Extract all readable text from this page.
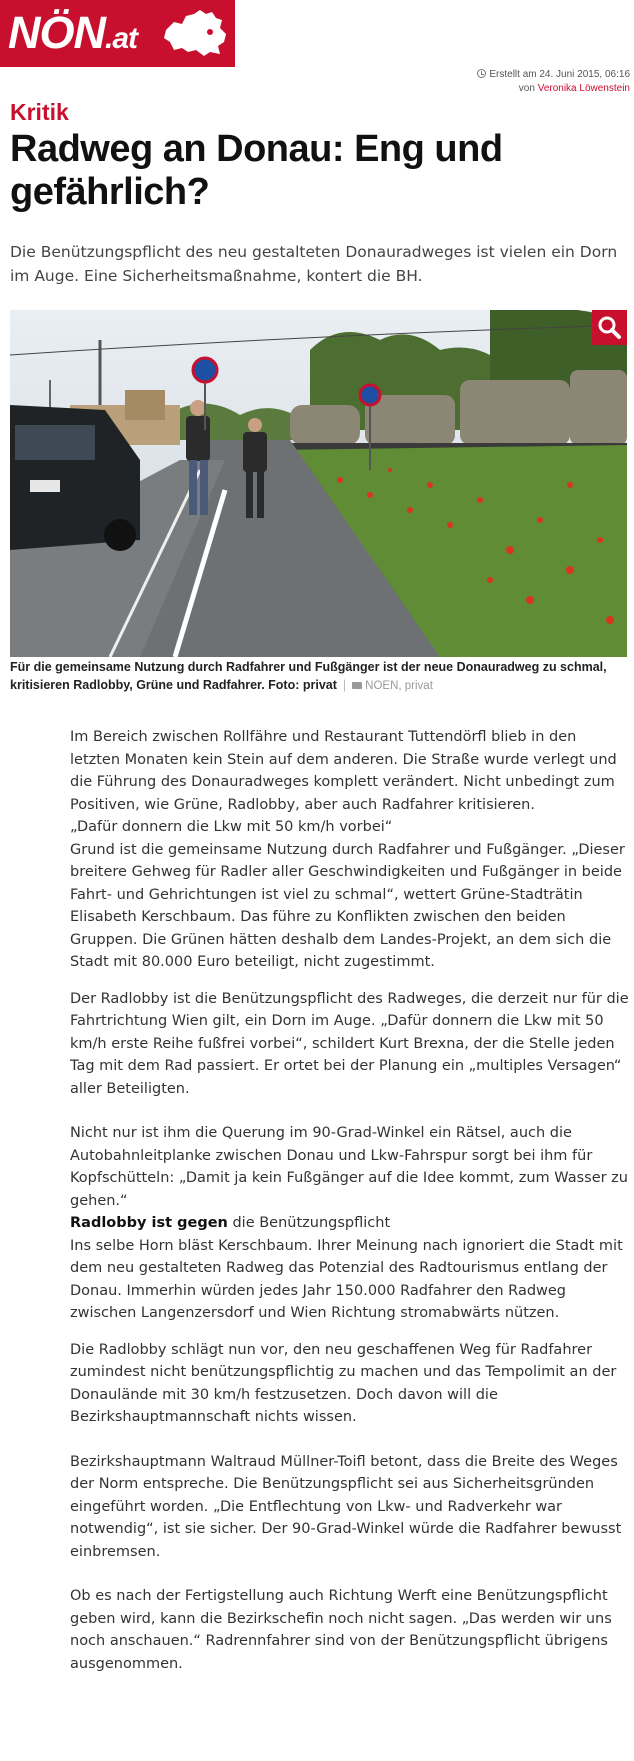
NÖN.at
Erstellt am 24. Juni 2015, 06:16
von Veronika Löwenstein
Kritik
Radweg an Donau: Eng und gefährlich?

Die Benützungspflicht des neu gestalteten Donauradweges ist vielen ein Dorn im Auge. Eine Sicherheitsmaßnahme, kontert die BH.

Für die gemeinsame Nutzung durch Radfahrer und Fußgänger ist der neue Donauradweg zu schmal, kritisieren Radlobby, Grüne und Radfahrer. Foto: privat | NOEN, privat

Im Bereich zwischen Rollfähre und Restaurant Tuttendörfl blieb in den letzten Monaten kein Stein auf dem anderen. Die Straße wurde verlegt und die Führung des Donauradweges komplett verändert. Nicht unbedingt zum Positiven, wie Grüne, Radlobby, aber auch Radfahrer kritisieren.
„Dafür donnern die Lkw mit 50 km/h vorbei“
Grund ist die gemeinsame Nutzung durch Radfahrer und Fußgänger. „Dieser breitere Gehweg für Radler aller Geschwindigkeiten und Fußgänger in beide Fahrt- und Gehrichtungen ist viel zu schmal“, wettert Grüne-Stadträtin Elisabeth Kerschbaum. Das führe zu Konflikten zwischen den beiden Gruppen. Die Grünen hätten deshalb dem Landes-Projekt, an dem sich die Stadt mit 80.000 Euro beteiligt, nicht zugestimmt.

Der Radlobby ist die Benützungspflicht des Radweges, die derzeit nur für die Fahrtrichtung Wien gilt, ein Dorn im Auge. „Dafür donnern die Lkw mit 50 km/h erste Reihe fußfrei vorbei“, schildert Kurt Brexna, der die Stelle jeden Tag mit dem Rad passiert. Er ortet bei der Planung ein „multiples Versagen“ aller Beteiligten.

Nicht nur ist ihm die Querung im 90-Grad-Winkel ein Rätsel, auch die Autobahnleitplanke zwischen Donau und Lkw-Fahrspur sorgt bei ihm für Kopfschütteln: „Damit ja kein Fußgänger auf die Idee kommt, zum Wasser zu gehen.“
Radlobby ist gegen die Benützungspflicht
Ins selbe Horn bläst Kerschbaum. Ihrer Meinung nach ignoriert die Stadt mit dem neu gestalteten Radweg das Potenzial des Radtourismus entlang der Donau. Immerhin würden jedes Jahr 150.000 Radfahrer den Radweg zwischen Langenzersdorf und Wien Richtung stromabwärts nützen.

Die Radlobby schlägt nun vor, den neu geschaffenen Weg für Radfahrer zumindest nicht benützungspflichtig zu machen und das Tempolimit an der Donaulände mit 30 km/h festzusetzen. Doch davon will die Bezirkshauptmannschaft nichts wissen.

Bezirkshauptmann Waltraud Müllner-Toifl betont, dass die Breite des Weges der Norm entspreche. Die Benützungspflicht sei aus Sicherheitsgründen eingeführt worden. „Die Entflechtung von Lkw- und Radverkehr war notwendig“, ist sie sicher. Der 90-Grad-Winkel würde die Radfahrer bewusst einbremsen.

Ob es nach der Fertigstellung auch Richtung Werft eine Benützungspflicht geben wird, kann die Bezirkschefin noch nicht sagen. „Das werden wir uns noch anschauen.“ Radrennfahrer sind von der Benützungspflicht übrigens ausgenommen.
